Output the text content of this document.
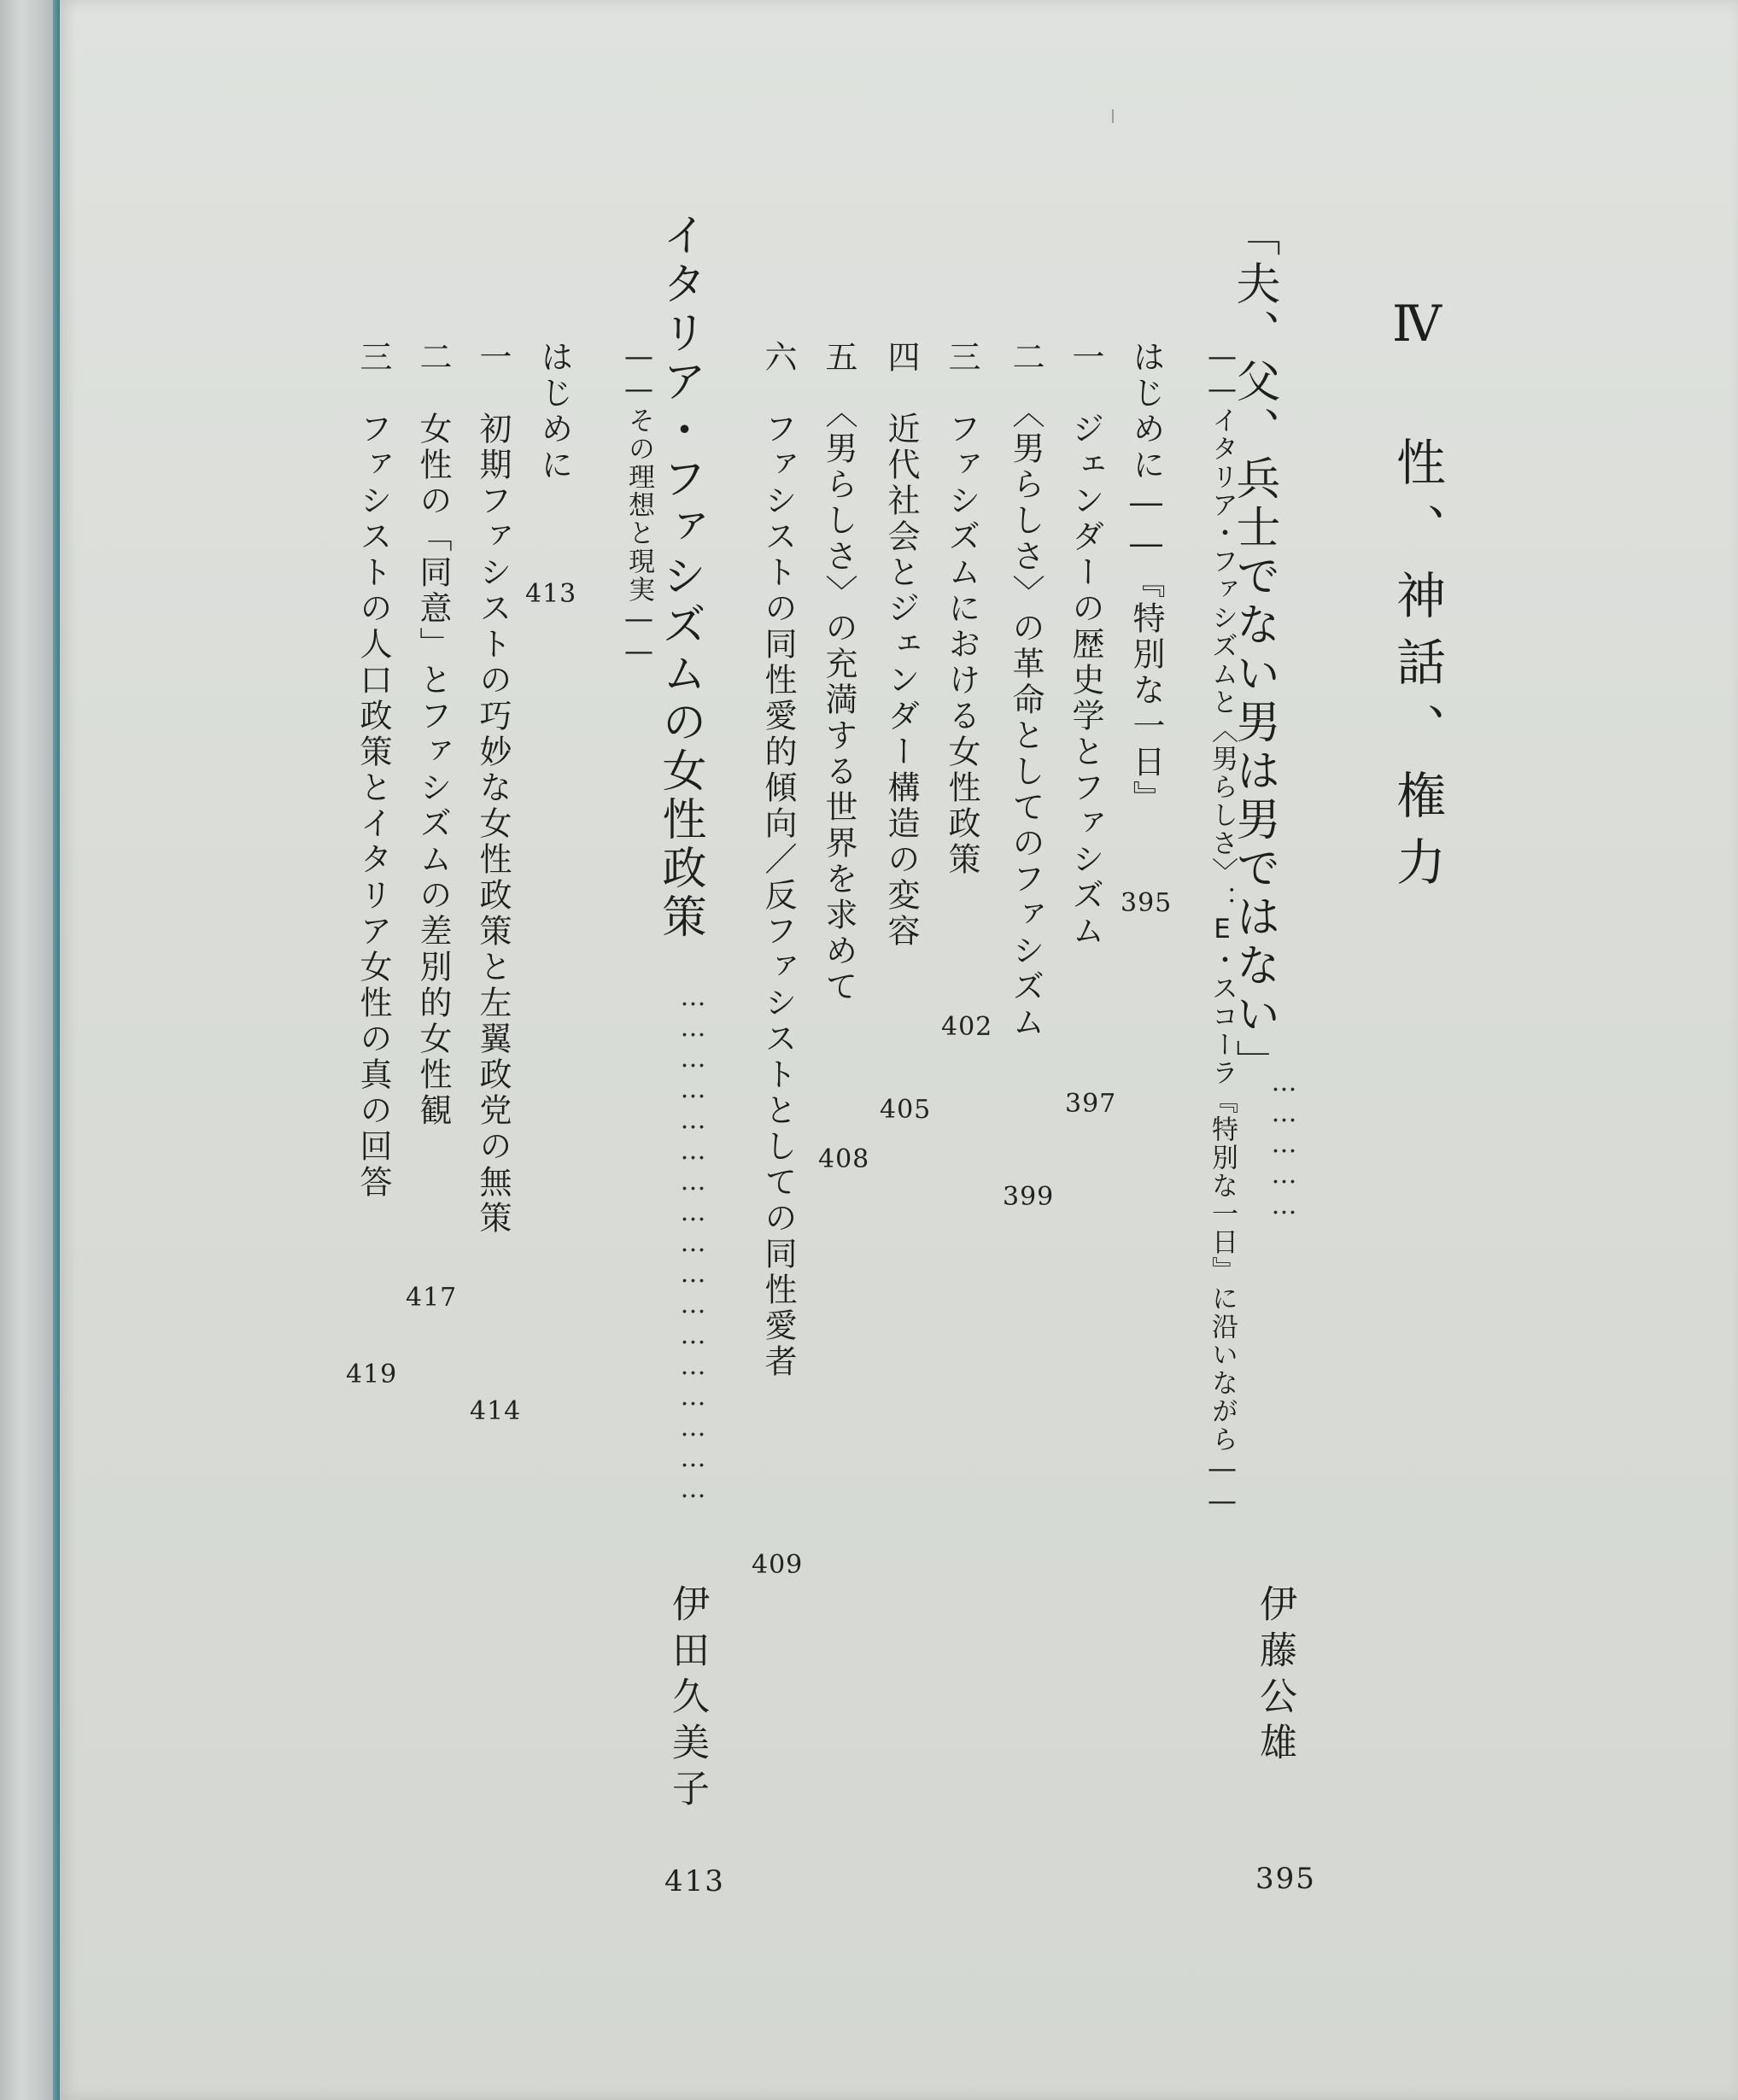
Ⅳ　性、神話、権力
「夫、父、兵士でない男は男ではない」
――イタリア・ファシズムと〈男らしさ〉：E・スコーラ『特別な一日』に沿いながら―― ……………
伊藤公雄
395
はじめに――『特別な一日』
395
一　ジェンダーの歴史学とファシズム
397
二　〈男らしさ〉の革命としてのファシズム
399
三　ファシズムにおける女性政策
402
四　近代社会とジェンダー構造の変容
405
五　〈男らしさ〉の充満する世界を求めて
408
六　ファシストの同性愛的傾向／反ファシストとしての同性愛者
409
イタリア・ファシズムの女性政策
――その理想と現実――
……………………………………………
伊田久美子
413
はじめに
413
一　初期ファシストの巧妙な女性政策と左翼政党の無策
414
二　女性の「同意」とファシズムの差別的女性観
417
三　ファシストの人口政策とイタリア女性の真の回答
419
